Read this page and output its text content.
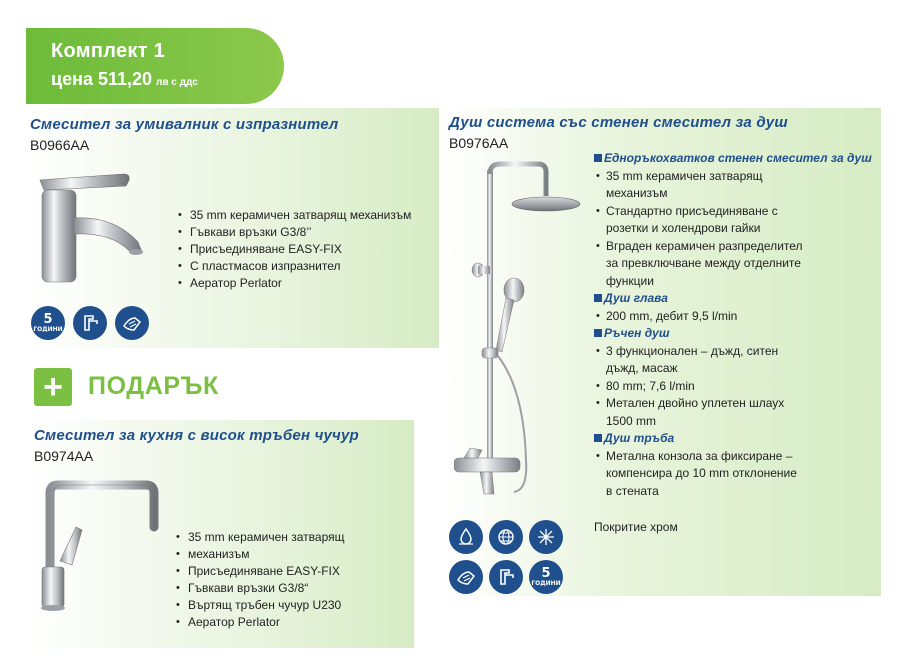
Комплект 1
цена 511,20 лв с ддс
Смесител за умивалник с изпразнител
B0966AA
• 35 mm керамичен затварящ механизъм
• Гъвкави връзки G3/8’’
• Присъединяване EASY-FIX
• С пластмасов изпразнител
• Аератор Perlator
5
ГОДИНИ
+	ПОДАРЪК
Смесител за кухня с висок тръбен чучур
B0974AA
• 35 mm керамичен затварящ
• механизъм
• Присъединяване EASY-FIX
• Гъвкави връзки G3/8“
• Въртящ тръбен чучур U230
• Аератор Perlator
Душ система със стенен смесител за душ
B0976AA
Еднoръкохватков стенен смесител за душ
• 35 mm керамичен затварящ
механизъм
• Стандартно присъединяване с
розетки и холендрови гайки
• Вграден керамичен разпределител
за превключване между отделните
функции
Душ глава
• 200 mm, дебит 9,5 l/min
Ръчен душ
• 3 функционален – дъжд, ситен
дъжд, масаж
• 80 mm; 7,6 l/min
• Метален двойно уплетен шлаух
1500 mm
Душ тръба
• Метална конзола за фиксиране –
компенсира до 10 mm отклонение
в стената
Покритие хром
5
ГОДИНИ
